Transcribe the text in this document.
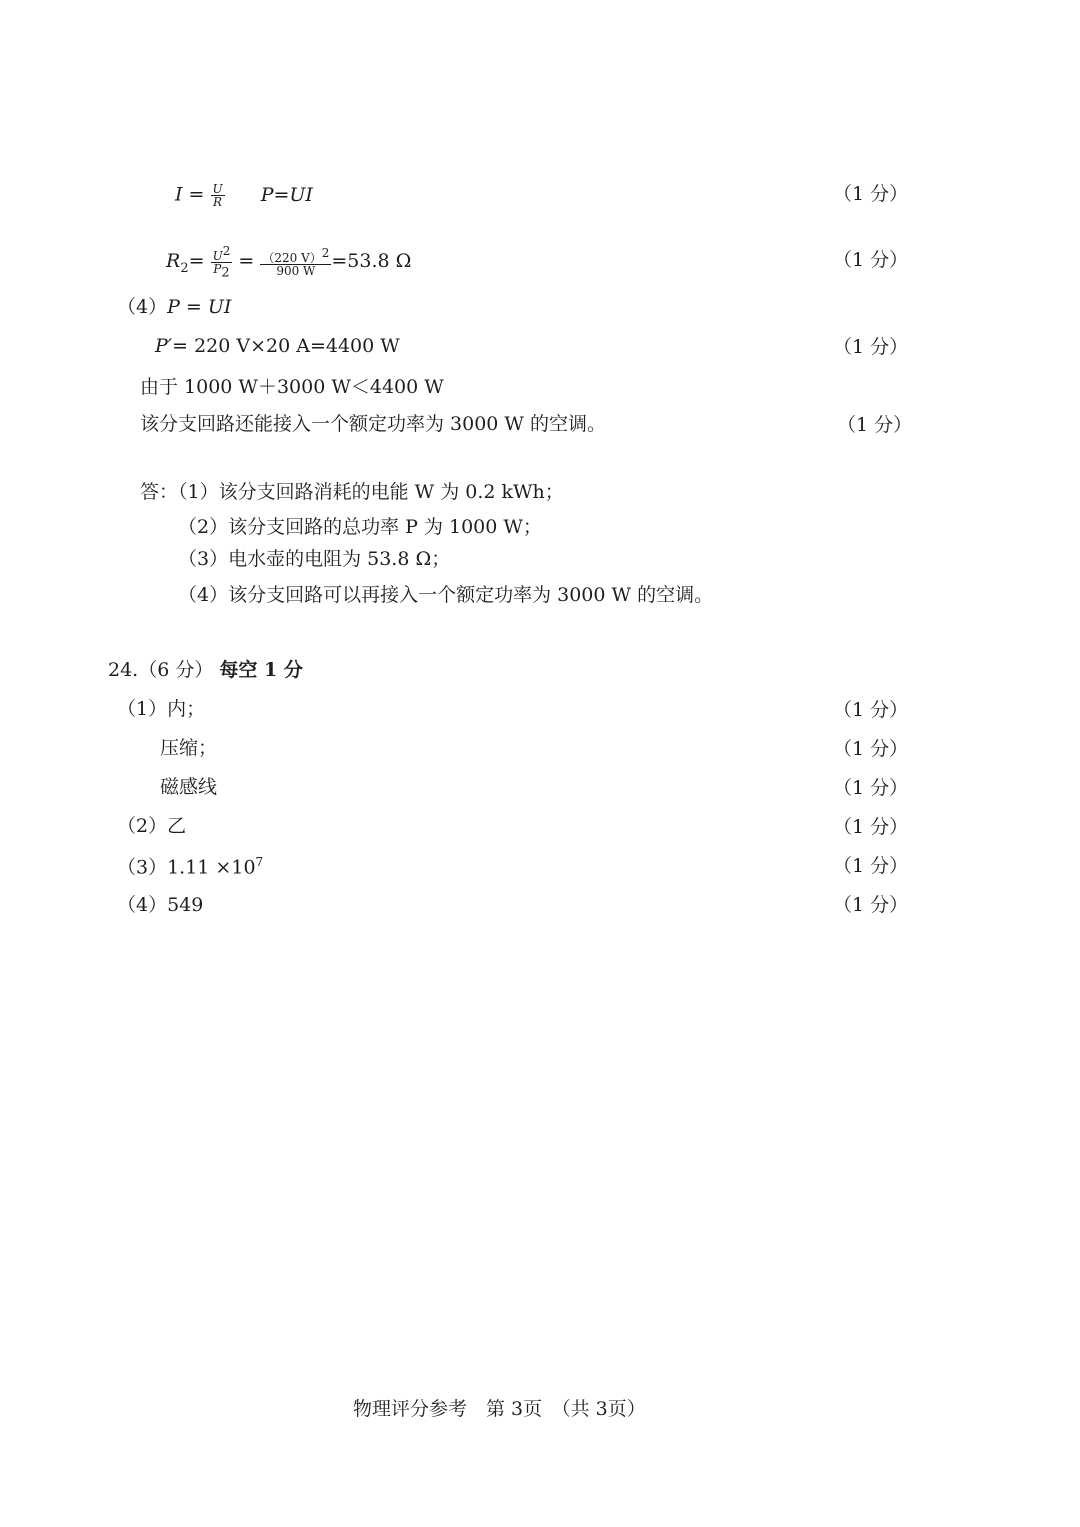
$I = \frac{U}{R} P=UI$	（1 分）
$R_2= \frac{U^2}{P_2} = \frac{(220 V)^2}{900 W} =53.8$ Ω	（1 分）
（4）P = UI
P′= 220 V×20 A=4400 W	（1 分）
由于 1000 W＋3000 W＜4400 W
该分支回路还能接入一个额定功率为 3000 W 的空调。	（1 分）
答：（1）该分支回路消耗的电能 W 为 0.2 kWh；
（2）该分支回路的总功率 P 为 1000 W；
（3）电水壶的电阻为 53.8 Ω；
（4）该分支回路可以再接入一个额定功率为 3000 W 的空调。
24.（6 分） 每空 1 分
（1）内；	（1 分）
压缩；	（1 分）
磁感线	（1 分）
（2）乙	（1 分）
$(3)1.11 \times 10^7$	（1 分）
（4）549	（1 分）
物理评分参考　第 3页　（共 3页）
